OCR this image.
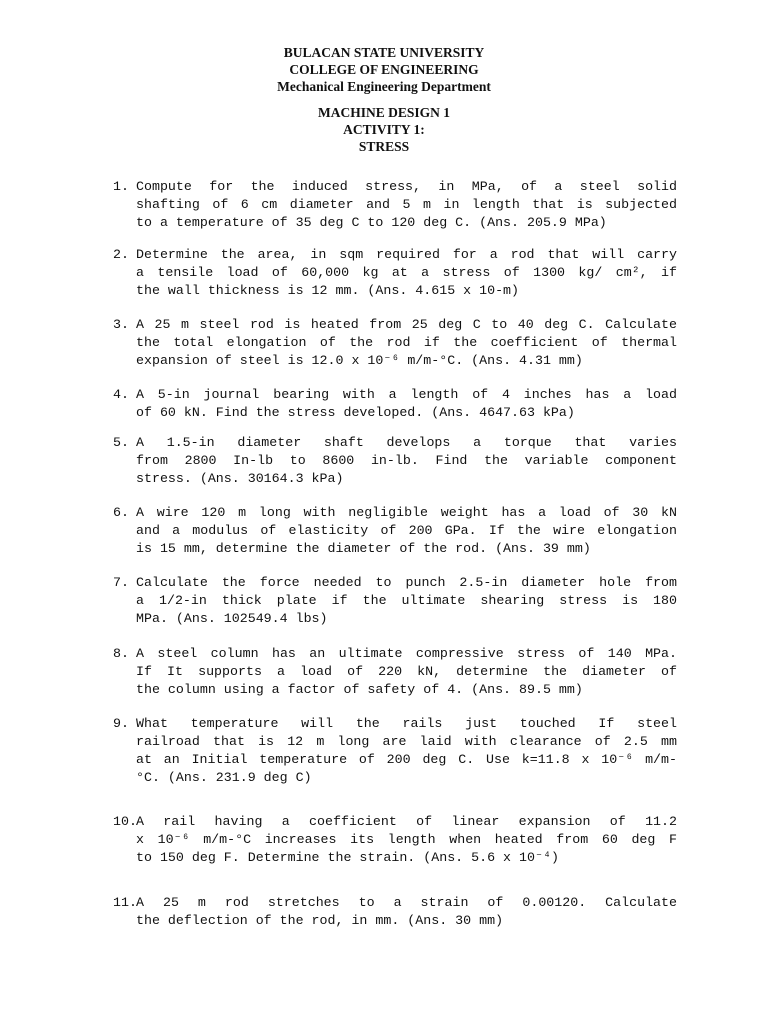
BULACAN STATE UNIVERSITY
COLLEGE OF ENGINEERING
Mechanical Engineering Department
MACHINE DESIGN 1
ACTIVITY 1:
STRESS
1. Compute for the induced stress, in MPa, of a steel solid
shafting of 6 cm diameter and 5 m in length that is subjected
to a temperature of 35 deg C to 120 deg C. (Ans. 205.9 MPa)
2. Determine the area, in sqm required for a rod that will carry
a tensile load of 60,000 kg at a stress of 1300 kg/ cm², if
the wall thickness is 12 mm. (Ans. 4.615 x 10-m)
3. A 25 m steel rod is heated from 25 deg C to 40 deg C. Calculate
the total elongation of the rod if the coefficient of thermal
expansion of steel is 12.0 x 10⁻⁶ m/m-°C. (Ans. 4.31 mm)
4. A 5-in journal bearing with a length of 4 inches has a load
of 60 kN. Find the stress developed. (Ans. 4647.63 kPa)
5. A 1.5-in diameter shaft develops a torque that varies
from 2800 In-lb to 8600 in-lb. Find the variable component
stress. (Ans. 30164.3 kPa)
6. A wire 120 m long with negligible weight has a load of 30 kN
and a modulus of elasticity of 200 GPa. If the wire elongation
is 15 mm, determine the diameter of the rod. (Ans. 39 mm)
7. Calculate the force needed to punch 2.5-in diameter hole from
a 1/2-in thick plate if the ultimate shearing stress is 180
MPa. (Ans. 102549.4 lbs)
8. A steel column has an ultimate compressive stress of 140 MPa.
If It supports a load of 220 kN, determine the diameter of
the column using a factor of safety of 4. (Ans. 89.5 mm)
9. What temperature will the rails just touched If steel
railroad that is 12 m long are laid with clearance of 2.5 mm
at an Initial temperature of 200 deg C. Use k=11.8 x 10⁻⁶ m/m-
°C. (Ans. 231.9 deg C)
10. A rail having a coefficient of linear expansion of 11.2
x 10⁻⁶ m/m-°C increases its length when heated from 60 deg F
to 150 deg F. Determine the strain. (Ans. 5.6 x 10⁻⁴)
11. A 25 m rod stretches to a strain of 0.00120. Calculate
the deflection of the rod, in mm. (Ans. 30 mm)
